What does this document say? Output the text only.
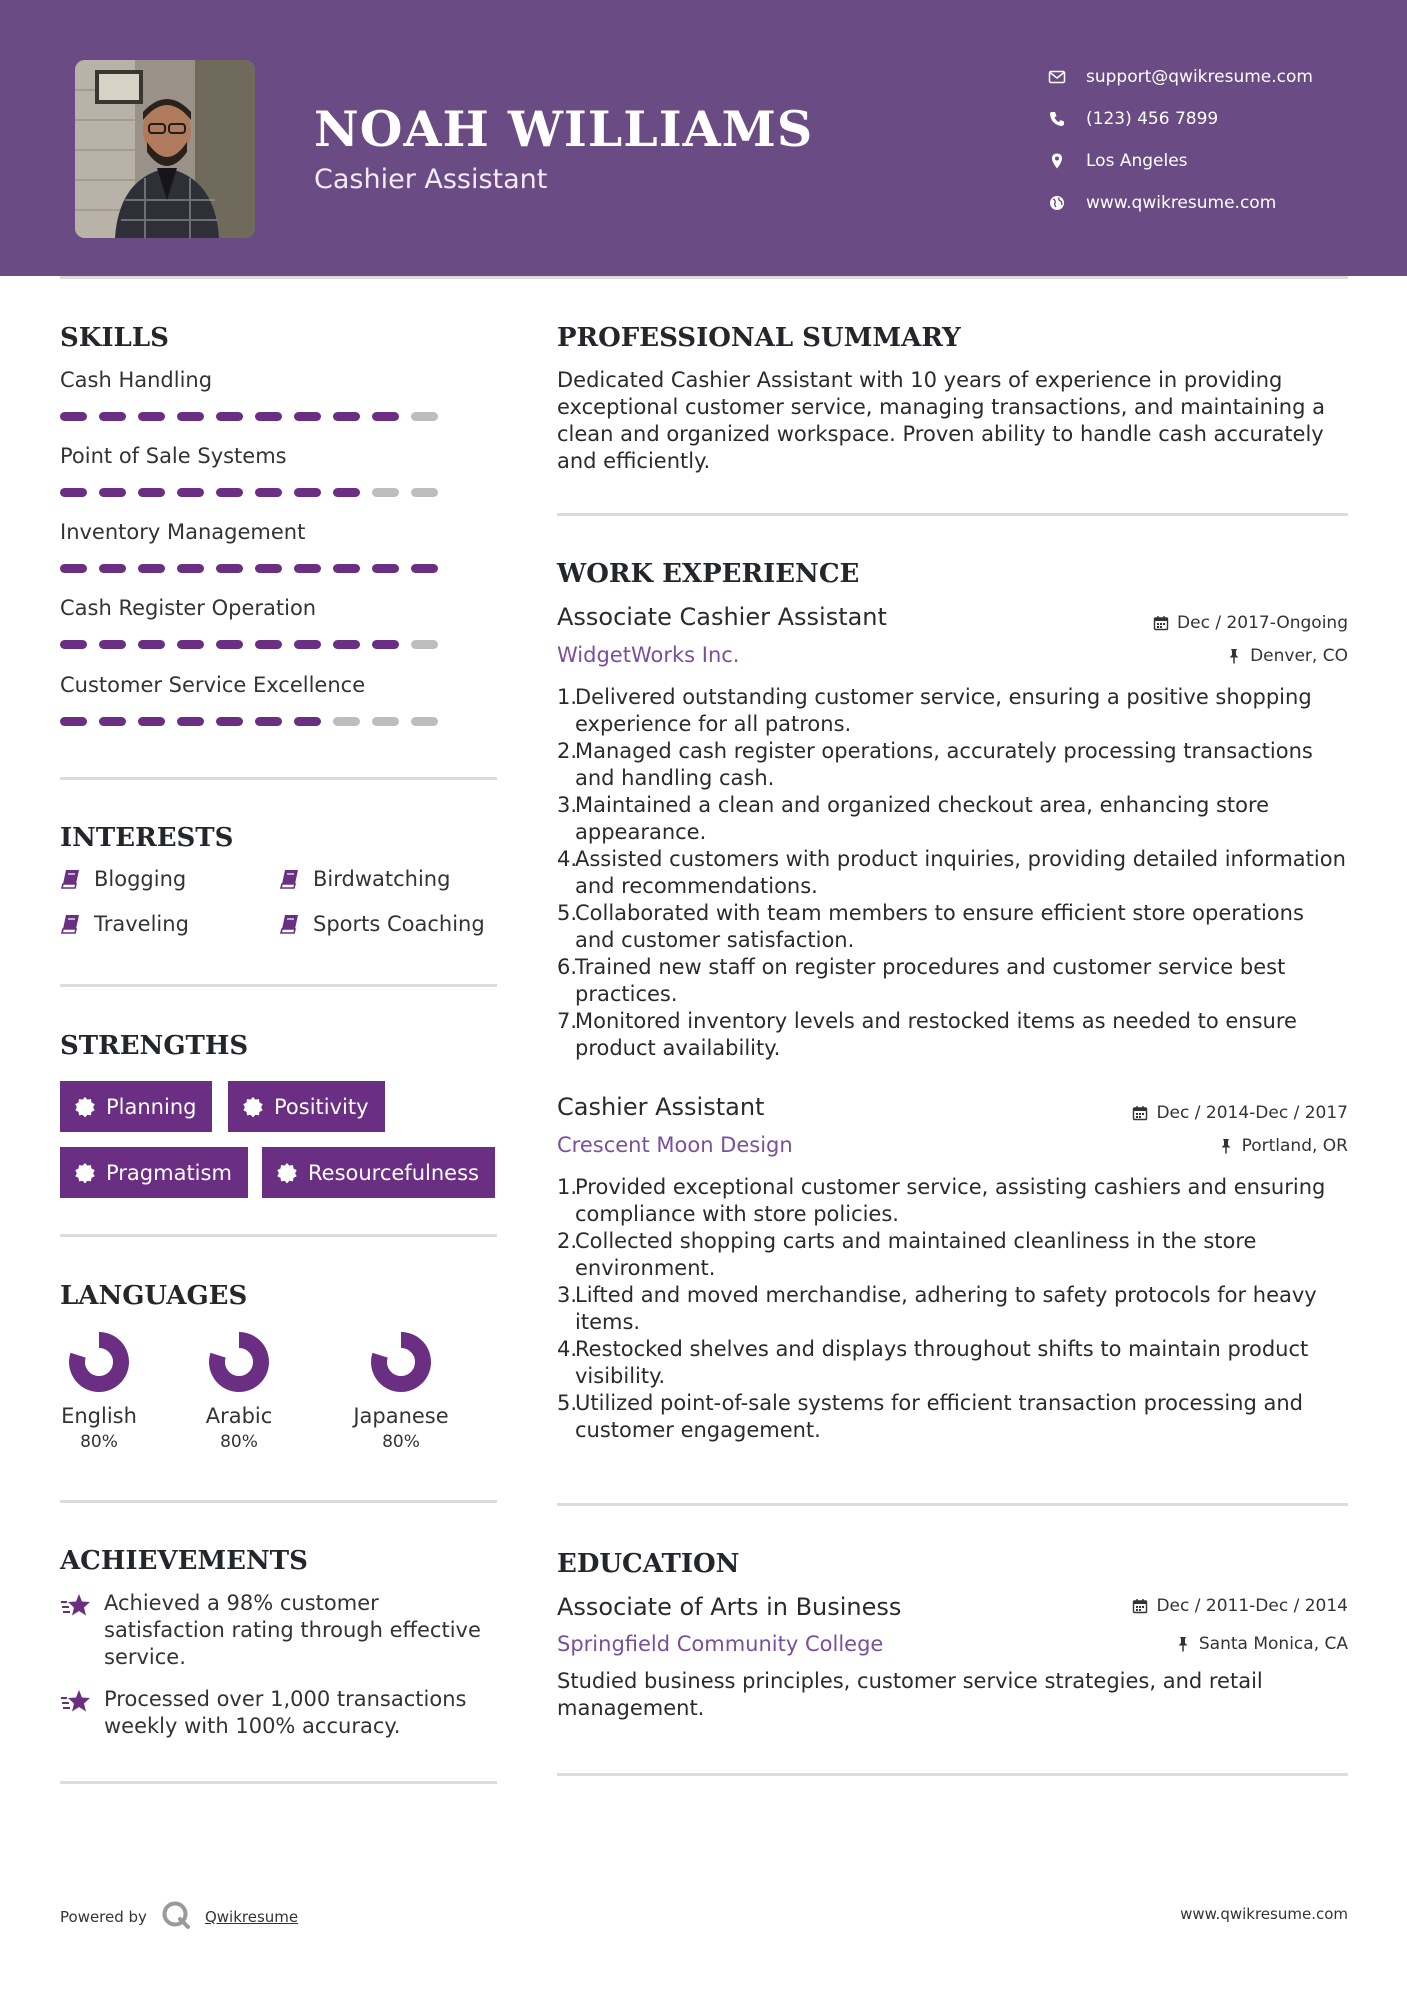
NOAH WILLIAMS
Cashier Assistant
support@qwikresume.com
(123) 456 7899
Los Angeles
www.qwikresume.com
SKILLS
Cash Handling
Point of Sale Systems
Inventory Management
Cash Register Operation
Customer Service Excellence
INTERESTS
Blogging	Birdwatching
Traveling	Sports Coaching
STRENGTHS
Planning	Positivity
Pragmatism	Resourcefulness
LANGUAGES
English
80%
Arabic
80%
Japanese
80%
ACHIEVEMENTS
Achieved a 98% customer satisfaction rating through effective service.
Processed over 1,000 transactions weekly with 100% accuracy.
PROFESSIONAL SUMMARY
Dedicated Cashier Assistant with 10 years of experience in providing exceptional customer service, managing transactions, and maintaining a clean and organized workspace. Proven ability to handle cash accurately and efficiently.
WORK EXPERIENCE
Associate Cashier Assistant	Dec / 2017-Ongoing
WidgetWorks Inc.	Denver, CO
1.
Delivered outstanding customer service, ensuring a positive shopping experience for all patrons.
2.
Managed cash register operations, accurately processing transactions and handling cash.
3.
Maintained a clean and organized checkout area, enhancing store appearance.
4.
Assisted customers with product inquiries, providing detailed information and recommendations.
5.
Collaborated with team members to ensure efficient store operations and customer satisfaction.
6.
Trained new staff on register procedures and customer service best practices.
7.
Monitored inventory levels and restocked items as needed to ensure product availability.
Cashier Assistant	Dec / 2014-Dec / 2017
Crescent Moon Design	Portland, OR
1.
Provided exceptional customer service, assisting cashiers and ensuring compliance with store policies.
2.
Collected shopping carts and maintained cleanliness in the store environment.
3.
Lifted and moved merchandise, adhering to safety protocols for heavy items.
4.
Restocked shelves and displays throughout shifts to maintain product visibility.
5.
Utilized point-of-sale systems for efficient transaction processing and customer engagement.
EDUCATION
Associate of Arts in Business	Dec / 2011-Dec / 2014
Springfield Community College	Santa Monica, CA
Studied business principles, customer service strategies, and retail management.
Powered by	Qwikresume	www.qwikresume.com
